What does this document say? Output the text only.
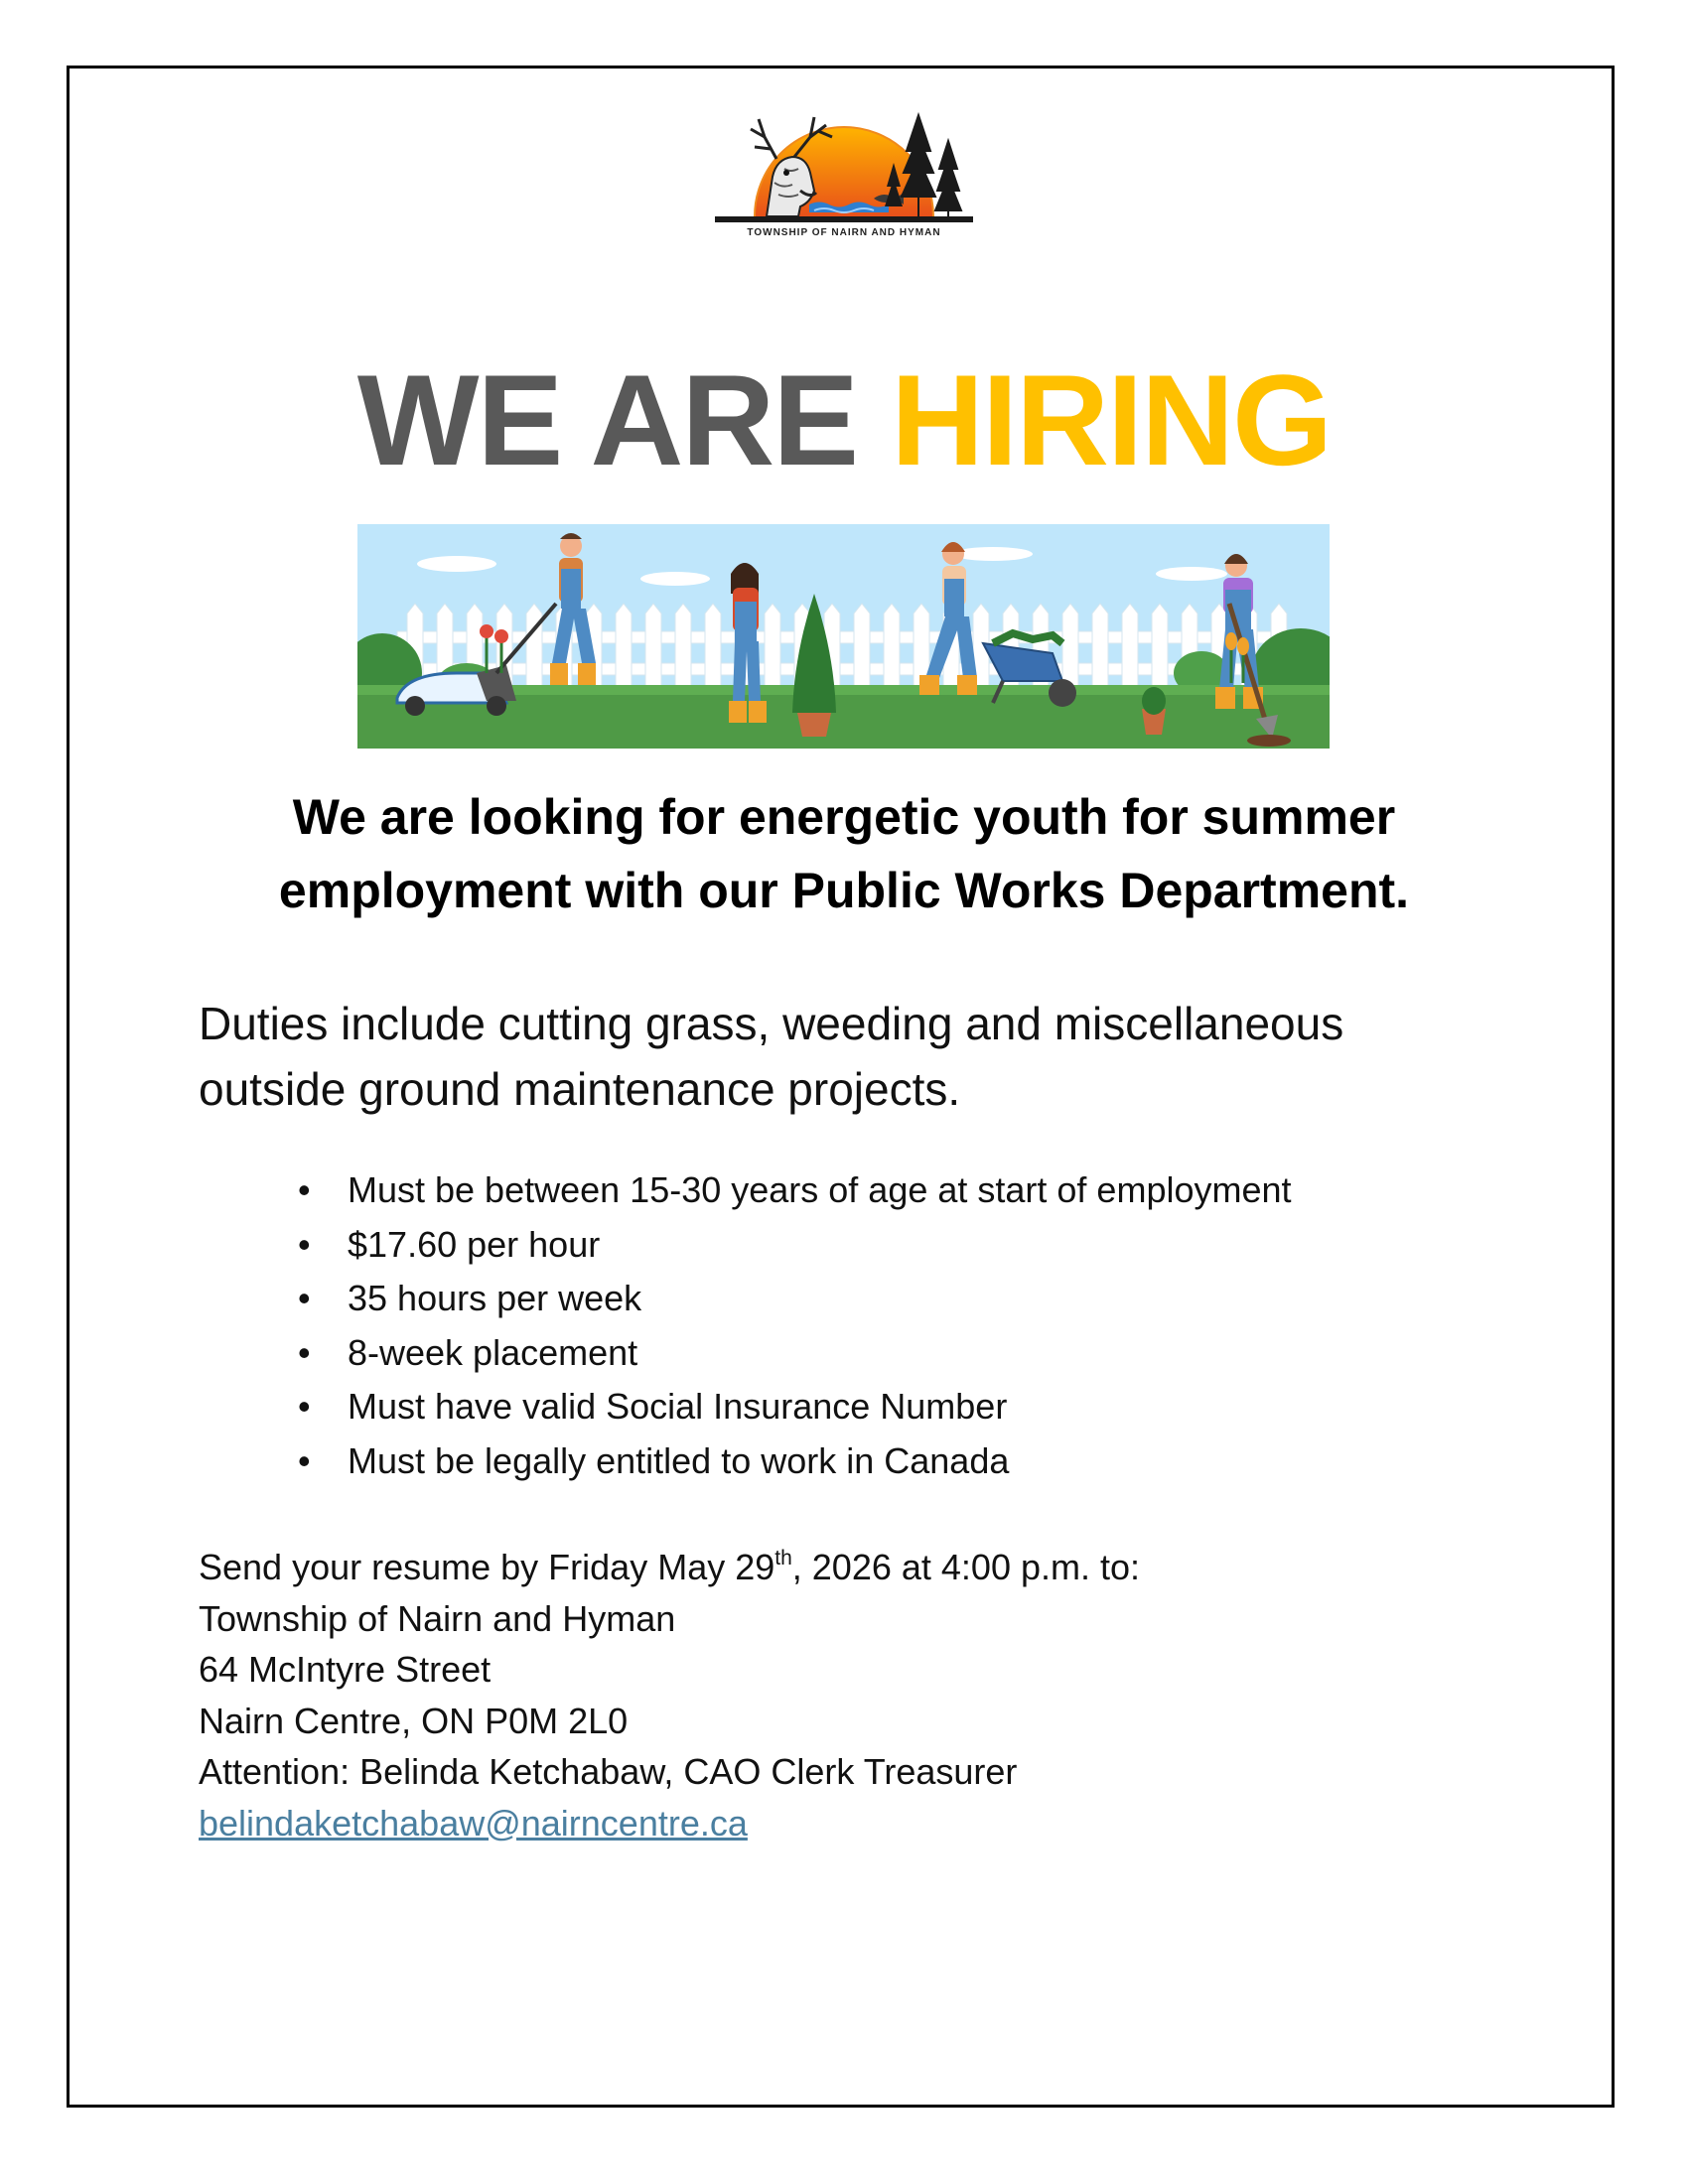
TOWNSHIP OF NAIRN AND HYMAN
WE ARE HIRING

We are looking for energetic youth for summer
employment with our Public Works Department.

Duties include cutting grass, weeding and miscellaneous
outside ground maintenance projects.

• Must be between 15-30 years of age at start of employment
• $17.60 per hour
• 35 hours per week
• 8-week placement
• Must have valid Social Insurance Number
• Must be legally entitled to work in Canada
Send your resume by Friday May 29th, 2026 at 4:00 p.m. to:
Township of Nairn and Hyman
64 McIntyre Street
Nairn Centre, ON P0M 2L0
Attention: Belinda Ketchabaw, CAO Clerk Treasurer
belindaketchabaw@nairncentre.ca
